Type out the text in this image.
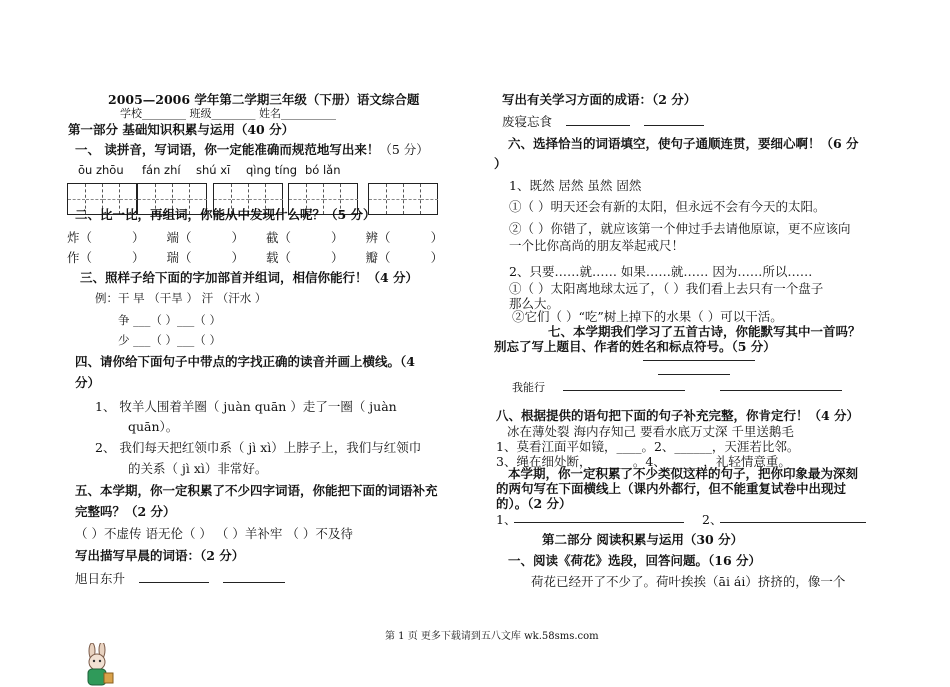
2005—2006 学年第二学期三年级（下册）语文综合题
学校________ 班级________ 姓名__________
第一部分 基础知识积累与运用（40 分）
一、 读拼音，写词语，你一定能准确而规范地写出来！（5 分）
ōu zhōu fán zhí shú xī qìng tíng bó lǎn
二、比一比，再组词，你能从中发现什么呢？（5 分）
炸（	） 端（	） 截（	） 辨（	）
作（	） 瑞（	） 载（	） 瓣（	）
三、照样子给下面的字加部首并组词，相信你能行！（4 分）
例：干 早 （干旱 ） 汗 （汗水 ）
争 ___（ ）___（ ）
少 ___（ ）___（ ）
四、请你给下面句子中带点的字找正确的读音并画上横线。（4
分）
1、 牧羊人围着羊圈（ juàn quān ）走了一圈（ juàn
quān）。
2、 我们每天把红领巾系（ jì xì）上脖子上，我们与红领巾
的关系（ jì xì）非常好。
五、本学期，你一定积累了不少四字词语，你能把下面的词语补充
完整吗？（2 分）
（ ）不虚传 语无伦（ ） （ ）羊补牢 （ ）不及待
写出描写早晨的词语：（2 分）
旭日东升
写出有关学习方面的成语：（2 分）
废寝忘食
六、选择恰当的词语填空，使句子通顺连贯，要细心啊！（6 分
）
1、既然 居然 虽然 固然
①（ ）明天还会有新的太阳，但永远不会有今天的太阳。
②（ ）你错了，就应该第一个伸过手去请他原谅，更不应该向
一个比你高尚的朋友举起戒尺！
2、只要……就…… 如果……就…… 因为……所以……
①（ ）太阳离地球太远了，（ ）我们看上去只有一个盘子
那么大。
②它们（ ）“吃”树上掉下的水果（ ）可以干活。
七、本学期我们学习了五首古诗，你能默写其中一首吗？
别忘了写上题目、作者的姓名和标点符号。（5 分）
我能行
八、根据提供的语句把下面的句子补充完整，你肯定行！（4 分）
冰在薄处裂 海内存知己 要看水底万丈深 千里送鹅毛
1、莫看江面平如镜，____。2、______，天涯若比邻。
3、绳在细处断，______ 。4、______，礼轻情意重。
本学期，你一定积累了不少类似这样的句子，把你印象最为深刻
的两句写在下面横线上（课内外都行，但不能重复试卷中出现过
的）。（2 分）
1、	2、
第二部分 阅读积累与运用（30 分）
一、阅读《荷花》选段，回答问题。（16 分）
荷花已经开了不少了。荷叶挨挨（āi ái）挤挤的，像一个
第 1 页 更多下载请到五八文库 wk.58sms.com
